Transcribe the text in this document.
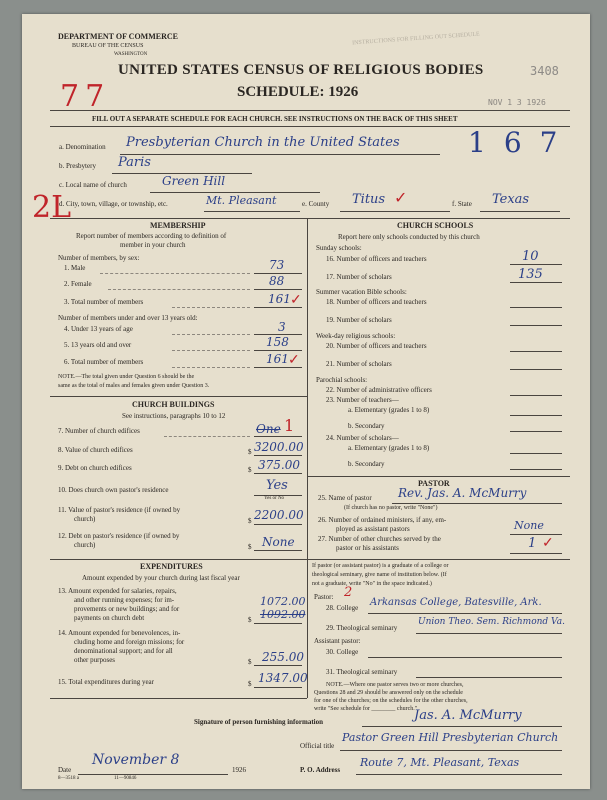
DEPARTMENT OF COMMERCE
BUREAU OF THE CENSUS
WASHINGTON
INSTRUCTIONS FOR FILLING OUT SCHEDULE
3408
UNITED STATES CENSUS OF RELIGIOUS BODIES
77	SCHEDULE: 1926
NOV 1 3 1926
FILL OUT A SEPARATE SCHEDULE FOR EACH CHURCH. SEE INSTRUCTIONS ON THE BACK OF THIS SHEET
2L
a. Denomination Presbyterian Church in the United States 167
b. Presbytery Paris
c. Local name of church	Green Hill
d. City, town, village, or township, etc.	Mt. Pleasant	e. County Titus ✓	f. State Texas
MEMBERSHIP
Report number of members according to definition of
member in your church
Number of members, by sex:
1. Male	73
2. Female	88
3. Total number of members	161 ✓
Number of members under and over 13 years old:
4. Under 13 years of age	3
5. 13 years old and over	158
6. Total number of members	161 ✓
NOTE.—The total given under Question 6 should be the
same as the total of males and females given under Question 3.
CHURCH BUILDINGS
See instructions, paragraphs 10 to 12
7. Number of church edifices	One 1
8. Value of church edifices	$ 3200.00
9. Debt on church edifices	$ 375.00
10. Does church own pastor's residence	Yes
Yes or No
11. Value of pastor's residence (if owned by
church)	$ 2200.00
12. Debt on pastor's residence (if owned by
church)	$ None
EXPENDITURES
Amount expended by your church during last fiscal year
13. Amount expended for salaries, repairs,
and other running expenses; for im-
provements or new buildings; and for
payments on church debt
1072.00
$ 1092.00
14. Amount expended for benevolences, in-
cluding home and foreign missions; for
denominational support; and for all
other purposes	$ 255.00
15. Total expenditures during year	$ 1347.00
CHURCH SCHOOLS
Report here only schools conducted by this church
Sunday schools:
16. Number of officers and teachers	10
17. Number of scholars	135
Summer vacation Bible schools:
18. Number of officers and teachers
19. Number of scholars
Week-day religious schools:
20. Number of officers and teachers
21. Number of scholars
Parochial schools:
22. Number of administrative officers
23. Number of teachers—
a. Elementary (grades 1 to 8)
b. Secondary
24. Number of scholars—
a. Elementary (grades 1 to 8)
b. Secondary
PASTOR
25. Name of pastor Rev. Jas. A. McMurry
(If church has no pastor, write "None")
26. Number of ordained ministers, if any, em-
ployed as assistant pastors	None
27. Number of other churches served by the
pastor or his assistants	1 ✓
If pastor (or assistant pastor) is a graduate of a college or
theological seminary, give name of institution below. (If
not a graduate, write "No" in the space indicated.)
Pastor: 2
28. College Arkansas College, Batesville, Ark.
29. Theological seminary
Union Theo. Sem. Richmond Va.
Assistant pastor:
30. College
31. Theological seminary
NOTE.—Where one pastor serves two or more churches,
Questions 28 and 29 should be answered only on the schedule
for one of the churches; on the schedules for the other churches,
write "See schedule for ________ church."
Signature of person furnishing information	Jas. A. McMurry
Official title
Pastor Green Hill Presbyterian Church
Date
November 8
1926	P. O. Address
Route 7, Mt. Pleasant, Texas
8—3518 a	11—90846
